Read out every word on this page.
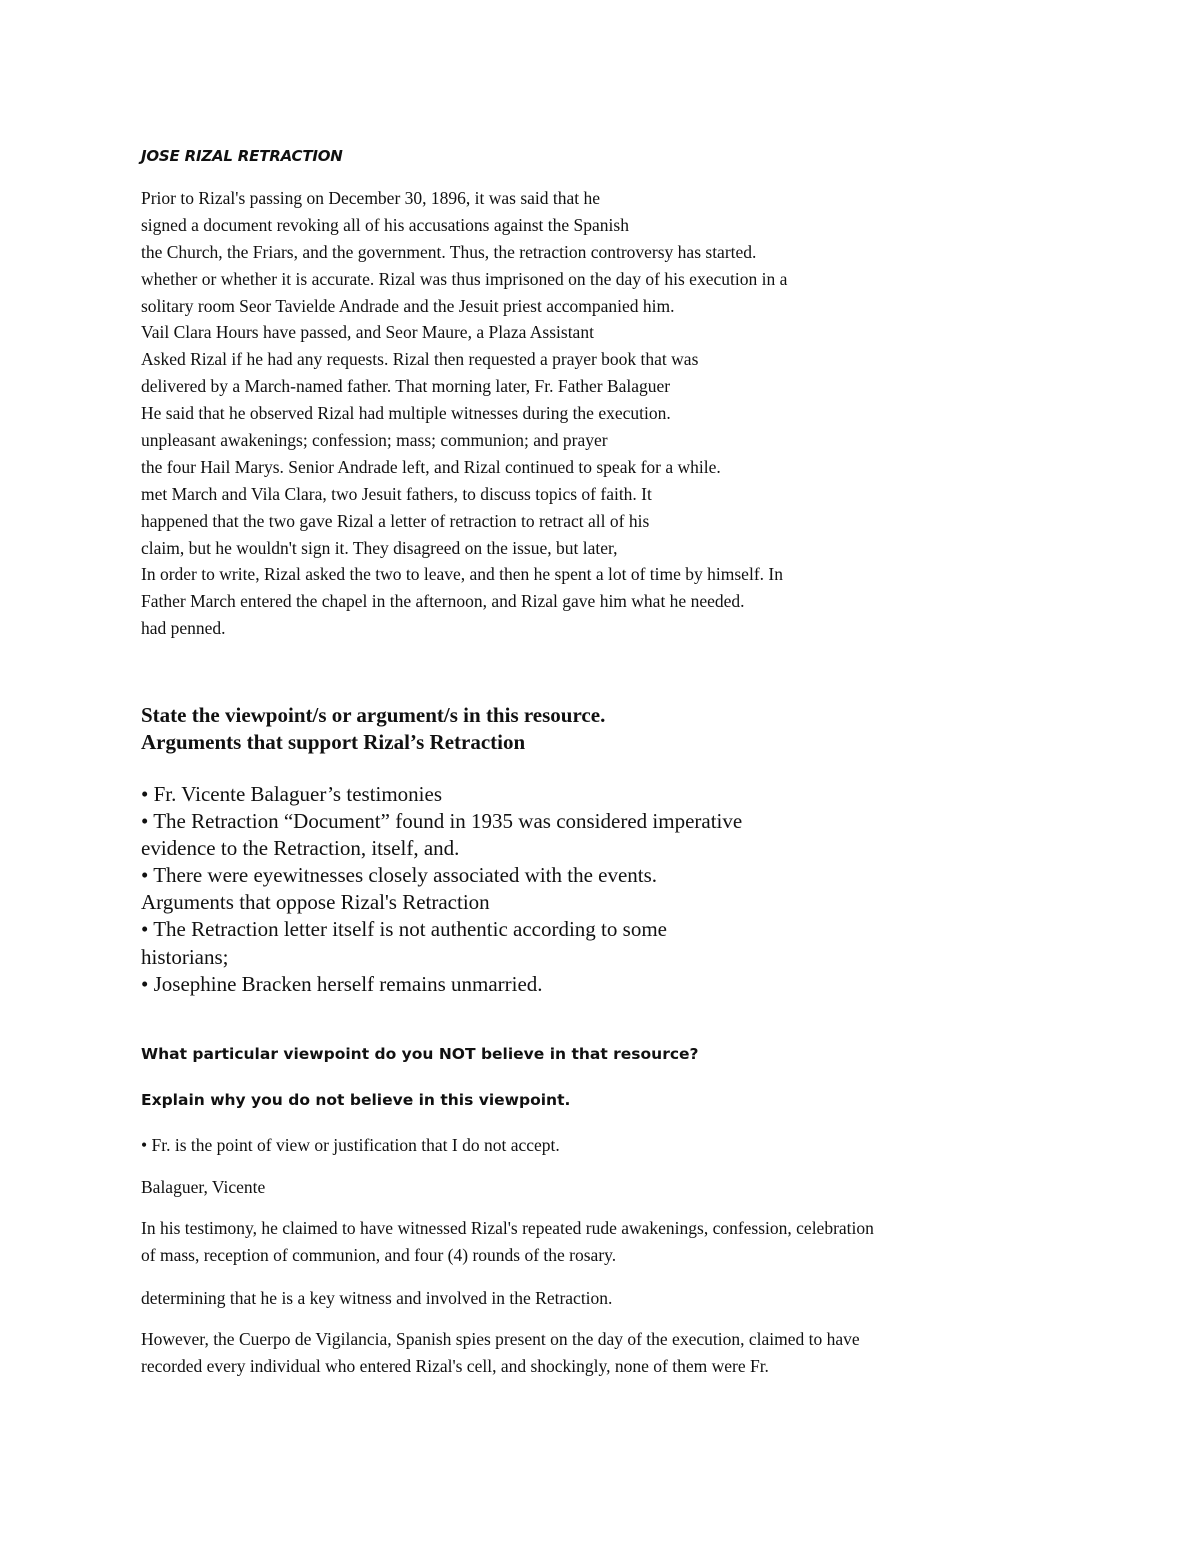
JOSE RIZAL RETRACTION
Prior to Rizal's passing on December 30, 1896, it was said that he
signed a document revoking all of his accusations against the Spanish
the Church, the Friars, and the government. Thus, the retraction controversy has started.
whether or whether it is accurate. Rizal was thus imprisoned on the day of his execution in a
solitary room Seor Tavielde Andrade and the Jesuit priest accompanied him.
Vail Clara Hours have passed, and Seor Maure, a Plaza Assistant
Asked Rizal if he had any requests. Rizal then requested a prayer book that was
delivered by a March-named father. That morning later, Fr. Father Balaguer
He said that he observed Rizal had multiple witnesses during the execution.
unpleasant awakenings; confession; mass; communion; and prayer
the four Hail Marys. Senior Andrade left, and Rizal continued to speak for a while.
met March and Vila Clara, two Jesuit fathers, to discuss topics of faith. It
happened that the two gave Rizal a letter of retraction to retract all of his
claim, but he wouldn't sign it. They disagreed on the issue, but later,
In order to write, Rizal asked the two to leave, and then he spent a lot of time by himself. In
Father March entered the chapel in the afternoon, and Rizal gave him what he needed.
had penned.
State the viewpoint/s or argument/s in this resource.
Arguments that support Rizal’s Retraction
• Fr. Vicente Balaguer’s testimonies
• The Retraction “Document” found in 1935 was considered imperative
evidence to the Retraction, itself, and.
• There were eyewitnesses closely associated with the events.
Arguments that oppose Rizal's Retraction
• The Retraction letter itself is not authentic according to some
historians;
• Josephine Bracken herself remains unmarried.
What particular viewpoint do you NOT believe in that resource?
Explain why you do not believe in this viewpoint.
• Fr. is the point of view or justification that I do not accept.
Balaguer, Vicente
In his testimony, he claimed to have witnessed Rizal's repeated rude awakenings, confession, celebration
of mass, reception of communion, and four (4) rounds of the rosary.
determining that he is a key witness and involved in the Retraction.
However, the Cuerpo de Vigilancia, Spanish spies present on the day of the execution, claimed to have
recorded every individual who entered Rizal's cell, and shockingly, none of them were Fr.
